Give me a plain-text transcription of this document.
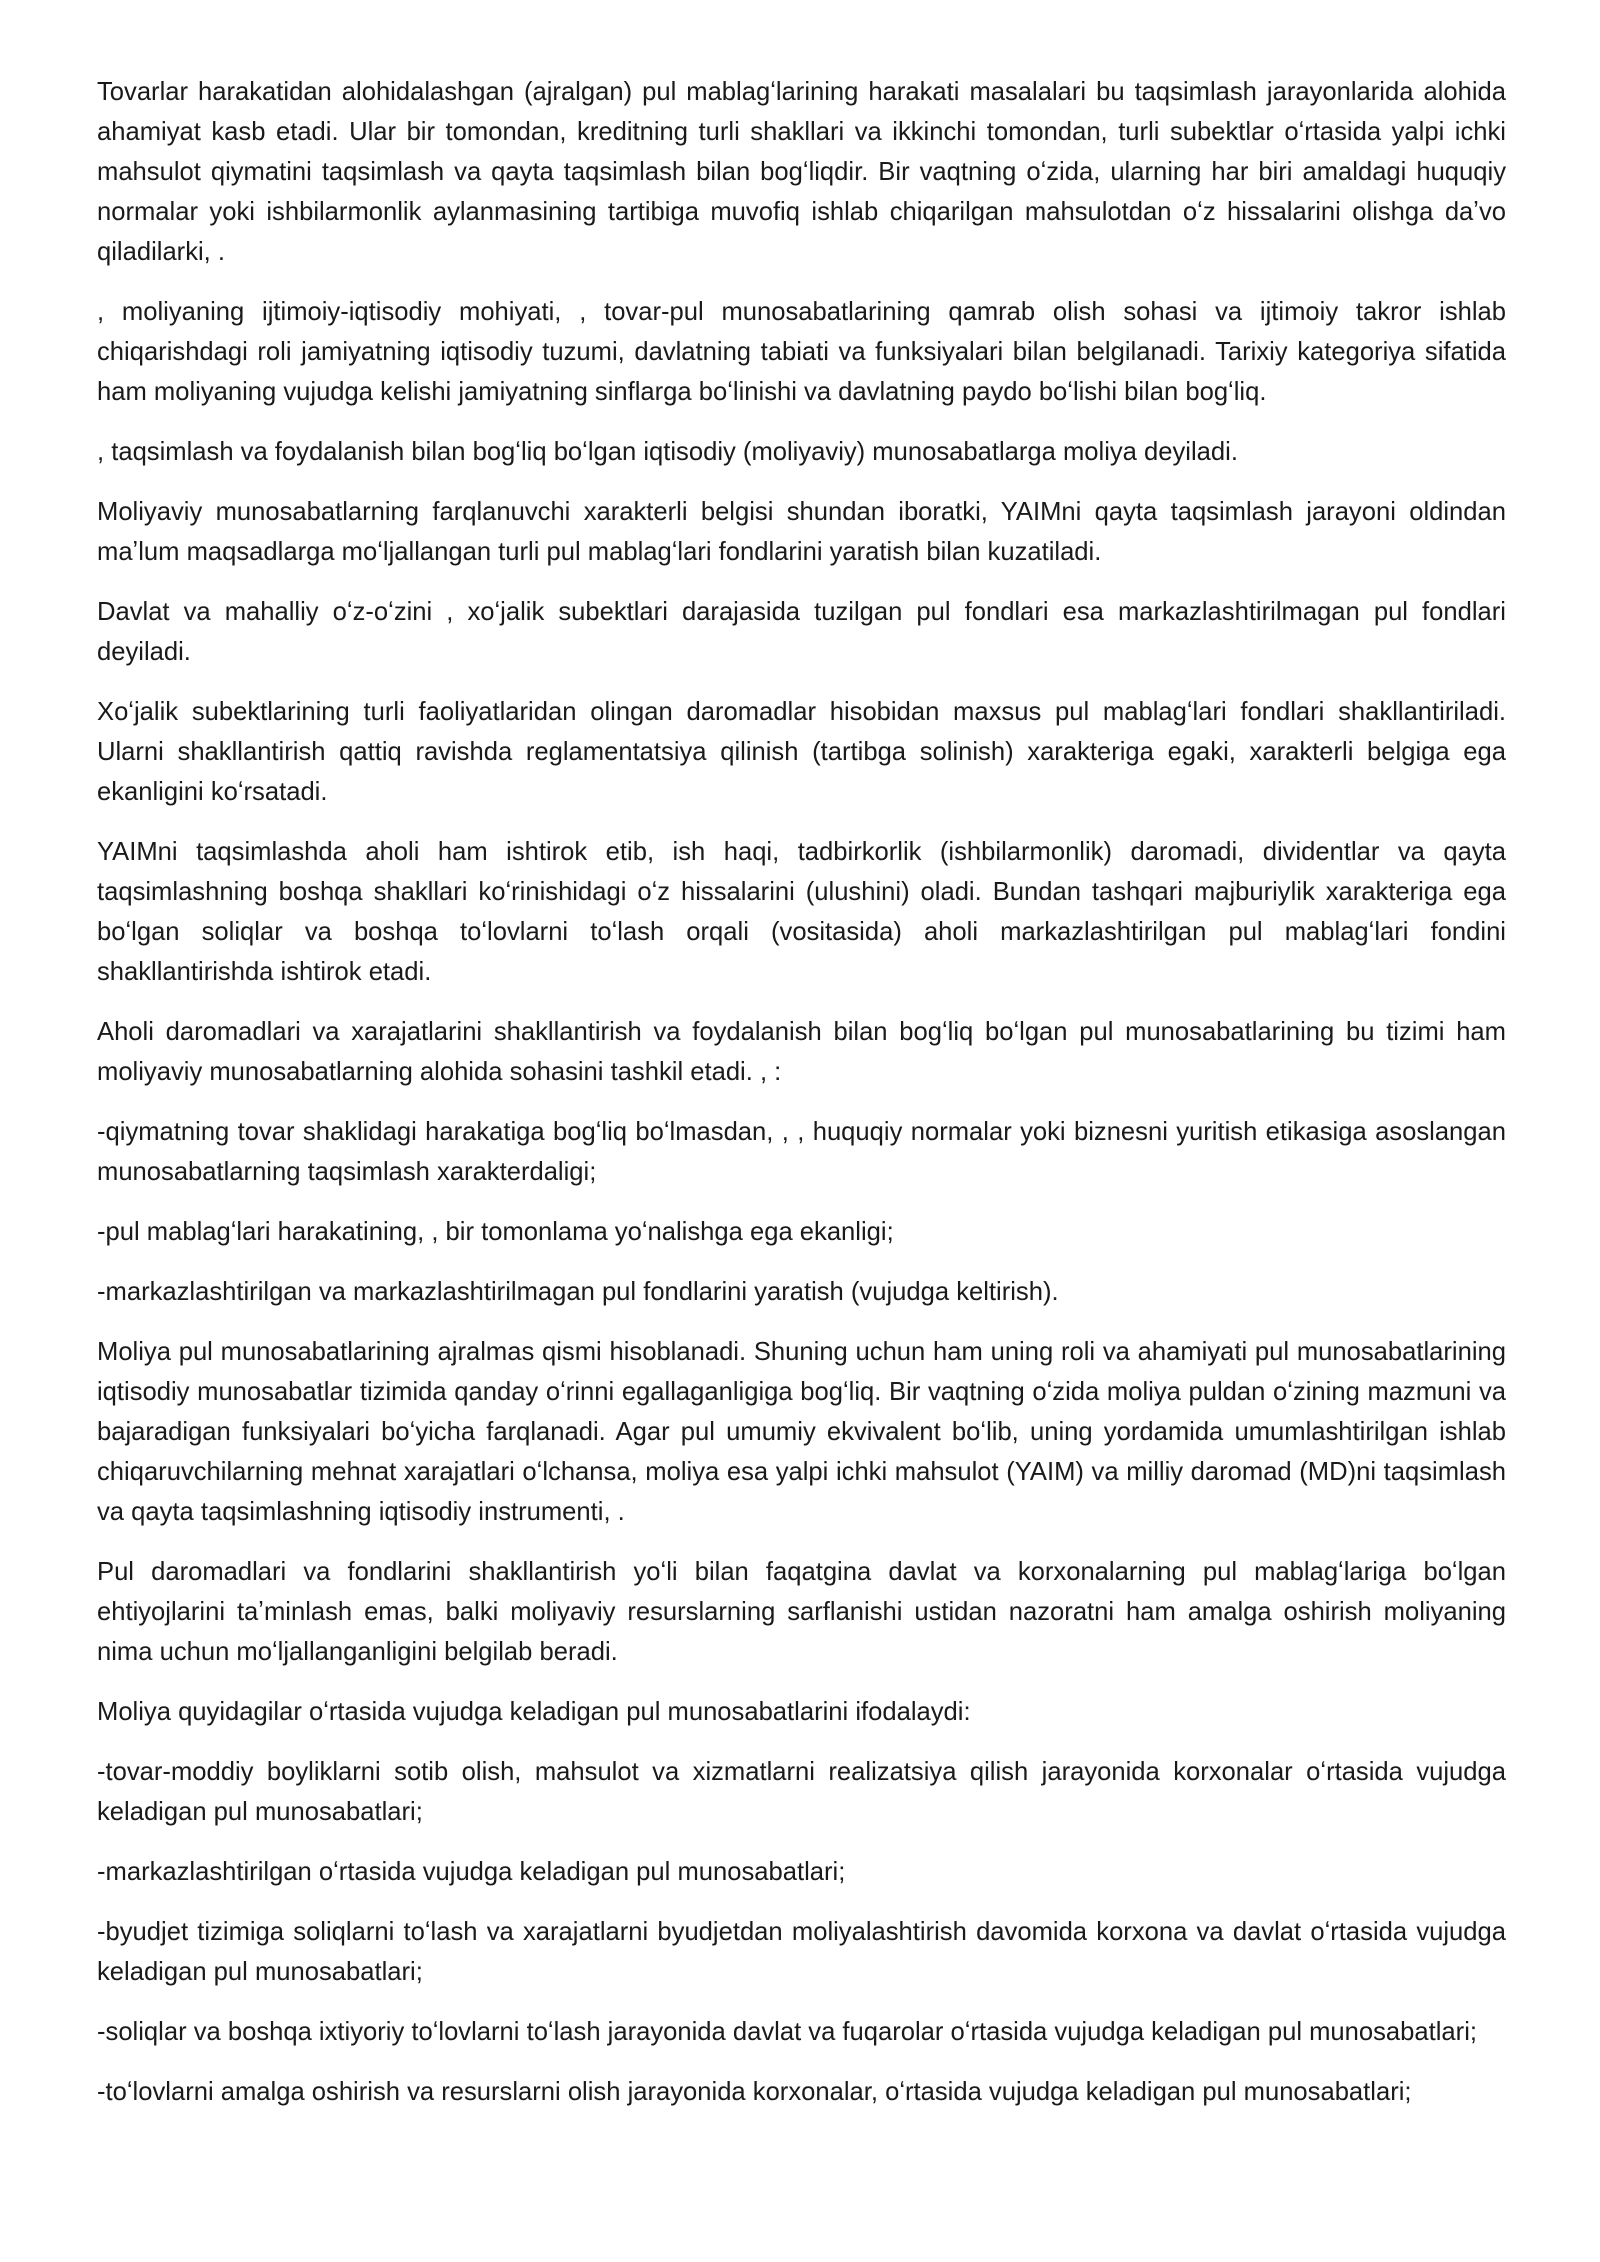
Tovarlar harakatidan alohidalashgan (ajralgan) pul mablagʻlarining harakati masalalari bu taqsimlash jarayonlarida alohida ahamiyat kasb etadi. Ular bir tomondan, kreditning turli shakllari va ikkinchi tomondan, turli subektlar oʻrtasida yalpi ichki mahsulot qiymatini taqsimlash va qayta taqsimlash bilan bogʻliqdir. Bir vaqtning oʻzida, ularning har biri amaldagi huquqiy normalar yoki ishbilarmonlik aylanmasining tartibiga muvofiq ishlab chiqarilgan mahsulotdan oʻz hissalarini olishga daʼvo qiladilarki, .

, moliyaning ijtimoiy-iqtisodiy mohiyati, , tovar-pul munosabatlarining qamrab olish sohasi va ijtimoiy takror ishlab chiqarishdagi roli jamiyatning iqtisodiy tuzumi, davlatning tabiati va funksiyalari bilan belgilanadi. Tarixiy kategoriya sifatida ham moliyaning vujudga kelishi jamiyatning sinflarga boʻlinishi va davlatning paydo boʻlishi bilan bogʻliq.

, taqsimlash va foydalanish bilan bogʻliq boʻlgan iqtisodiy (moliyaviy) munosabatlarga moliya deyiladi.

Moliyaviy munosabatlarning farqlanuvchi xarakterli belgisi shundan iboratki, YAIMni qayta taqsimlash jarayoni oldindan maʼlum maqsadlarga moʻljallangan turli pul mablagʻlari fondlarini yaratish bilan kuzatiladi.

Davlat va mahalliy oʻz-oʻzini , xoʻjalik subektlari darajasida tuzilgan pul fondlari esa markazlashtirilmagan pul fondlari deyiladi.

Xoʻjalik subektlarining turli faoliyatlaridan olingan daromadlar hisobidan maxsus pul mablagʻlari fondlari shakllantiriladi. Ularni shakllantirish qattiq ravishda reglamentatsiya qilinish (tartibga solinish) xarakteriga egaki, xarakterli belgiga ega ekanligini koʻrsatadi.

YAIMni taqsimlashda aholi ham ishtirok etib, ish haqi, tadbirkorlik (ishbilarmonlik) daromadi, dividentlar va qayta taqsimlashning boshqa shakllari koʻrinishidagi oʻz hissalarini (ulushini) oladi. Bundan tashqari majburiylik xarakteriga ega boʻlgan soliqlar va boshqa toʻlovlarni toʻlash orqali (vositasida) aholi markazlashtirilgan pul mablagʻlari fondini shakllantirishda ishtirok etadi.

Aholi daromadlari va xarajatlarini shakllantirish va foydalanish bilan bogʻliq boʻlgan pul munosabatlarining bu tizimi ham moliyaviy munosabatlarning alohida sohasini tashkil etadi. , :

-qiymatning tovar shaklidagi harakatiga bogʻliq boʻlmasdan, , , huquqiy normalar yoki biznesni yuritish etikasiga asoslangan munosabatlarning taqsimlash xarakterdaligi;

-pul mablagʻlari harakatining, , bir tomonlama yoʻnalishga ega ekanligi;

-markazlashtirilgan va markazlashtirilmagan pul fondlarini yaratish (vujudga keltirish).

Moliya pul munosabatlarining ajralmas qismi hisoblanadi. Shuning uchun ham uning roli va ahamiyati pul munosabatlarining iqtisodiy munosabatlar tizimida qanday oʻrinni egallaganligiga bogʻliq. Bir vaqtning oʻzida moliya puldan oʻzining mazmuni va bajaradigan funksiyalari boʻyicha farqlanadi. Agar pul umumiy ekvivalent boʻlib, uning yordamida umumlashtirilgan ishlab chiqaruvchilarning mehnat xarajatlari oʻlchansa, moliya esa yalpi ichki mahsulot (YAIM) va milliy daromad (MD)ni taqsimlash va qayta taqsimlashning iqtisodiy instrumenti, .

Pul daromadlari va fondlarini shakllantirish yoʻli bilan faqatgina davlat va korxonalarning pul mablagʻlariga boʻlgan ehtiyojlarini taʼminlash emas, balki moliyaviy resurslarning sarflanishi ustidan nazoratni ham amalga oshirish moliyaning nima uchun moʻljallanganligini belgilab beradi.

Moliya quyidagilar oʻrtasida vujudga keladigan pul munosabatlarini ifodalaydi:

-tovar-moddiy boyliklarni sotib olish, mahsulot va xizmatlarni realizatsiya qilish jarayonida korxonalar oʻrtasida vujudga keladigan pul munosabatlari;

-markazlashtirilgan oʻrtasida vujudga keladigan pul munosabatlari;

-byudjet tizimiga soliqlarni toʻlash va xarajatlarni byudjetdan moliyalashtirish davomida korxona va davlat oʻrtasida vujudga keladigan pul munosabatlari;

-soliqlar va boshqa ixtiyoriy toʻlovlarni toʻlash jarayonida davlat va fuqarolar oʻrtasida vujudga keladigan pul munosabatlari;

-toʻlovlarni amalga oshirish va resurslarni olish jarayonida korxonalar, oʻrtasida vujudga keladigan pul munosabatlari;
